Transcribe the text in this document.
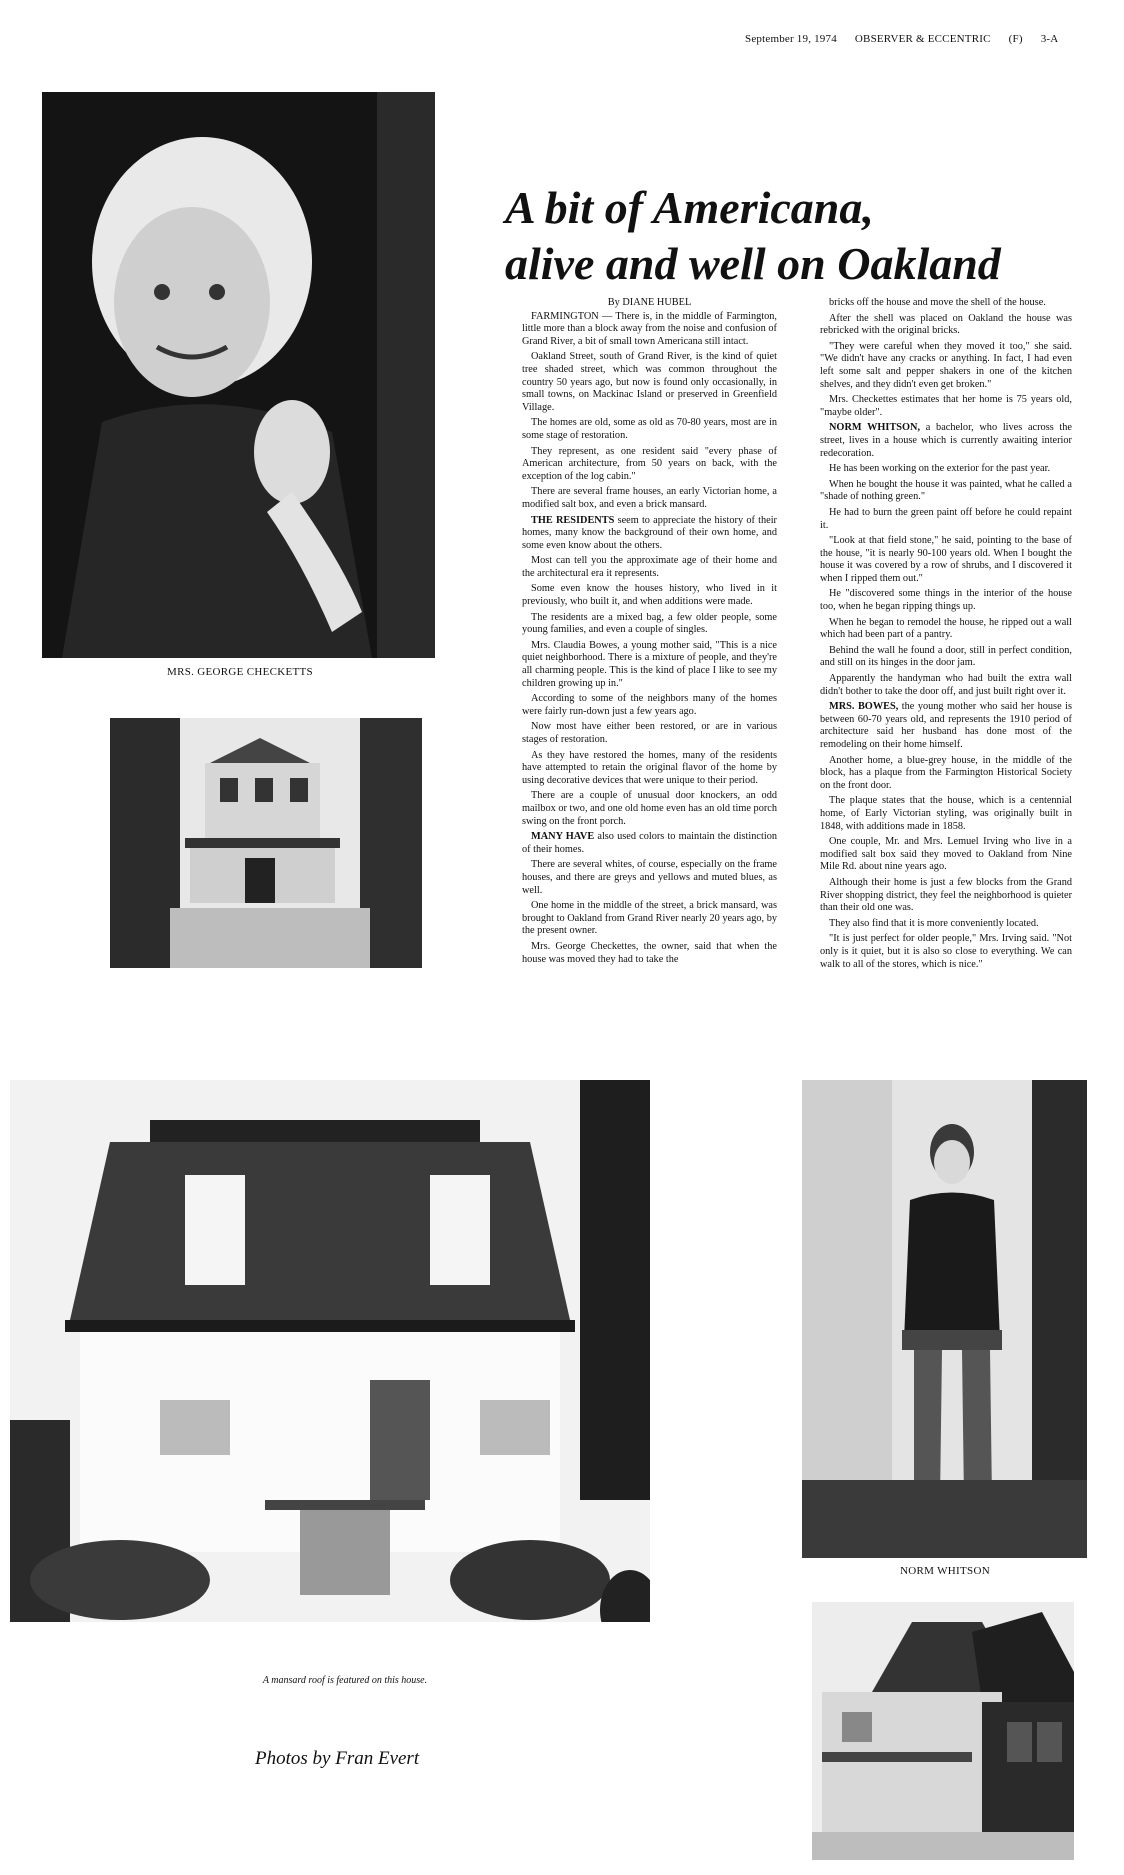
September 19, 1974 OBSERVER & ECCENTRIC (F) 3-A
MRS. GEORGE CHECKETTS
A bit of Americana,
alive and well on Oakland

By DIANE HUBEL

FARMINGTON — There is, in the middle of Farmington, little more than a block away from the noise and confusion of Grand River, a bit of small town Americana still intact.

Oakland Street, south of Grand River, is the kind of quiet tree shaded street, which was common throughout the country 50 years ago, but now is found only occasionally, in small towns, on Mackinac Island or preserved in Greenfield Village.

The homes are old, some as old as 70-80 years, most are in some stage of restoration.

They represent, as one resident said "every phase of American architecture, from 50 years on back, with the exception of the log cabin."

There are several frame houses, an early Victorian home, a modified salt box, and even a brick mansard.

THE RESIDENTS seem to appreciate the history of their homes, many know the background of their own home, and some even know about the others.

Most can tell you the approximate age of their home and the architectural era it represents.

Some even know the houses history, who lived in it previously, who built it, and when additions were made.

The residents are a mixed bag, a few older people, some young families, and even a couple of singles.

Mrs. Claudia Bowes, a young mother said, "This is a nice quiet neighborhood. There is a mixture of people, and they're all charming people. This is the kind of place I like to see my children growing up in."

According to some of the neighbors many of the homes were fairly run-down just a few years ago.

Now most have either been restored, or are in various stages of restoration.

As they have restored the homes, many of the residents have attempted to retain the original flavor of the home by using decorative devices that were unique to their period.

There are a couple of unusual door knockers, an odd mailbox or two, and one old home even has an old time porch swing on the front porch.

MANY HAVE also used colors to maintain the distinction of their homes.

There are several whites, of course, especially on the frame houses, and there are greys and yellows and muted blues, as well.

One home in the middle of the street, a brick mansard, was brought to Oakland from Grand River nearly 20 years ago, by the present owner.

Mrs. George Checkettes, the owner, said that when the house was moved they had to take the

bricks off the house and move the shell of the house.

After the shell was placed on Oakland the house was rebricked with the original bricks.

"They were careful when they moved it too," she said. "We didn't have any cracks or anything. In fact, I had even left some salt and pepper shakers in one of the kitchen shelves, and they didn't even get broken."

Mrs. Checkettes estimates that her home is 75 years old, "maybe older".

NORM WHITSON, a bachelor, who lives across the street, lives in a house which is currently awaiting interior redecoration.

He has been working on the exterior for the past year.

When he bought the house it was painted, what he called a "shade of nothing green."

He had to burn the green paint off before he could repaint it.

"Look at that field stone," he said, pointing to the base of the house, "it is nearly 90-100 years old. When I bought the house it was covered by a row of shrubs, and I discovered it when I ripped them out."

He "discovered some things in the interior of the house too, when he began ripping things up.

When he began to remodel the house, he ripped out a wall which had been part of a pantry.

Behind the wall he found a door, still in perfect condition, and still on its hinges in the door jam.

Apparently the handyman who had built the extra wall didn't bother to take the door off, and just built right over it.

MRS. BOWES, the young mother who said her house is between 60-70 years old, and represents the 1910 period of architecture said her husband has done most of the remodeling on their home himself.

Another home, a blue-grey house, in the middle of the block, has a plaque from the Farmington Historical Society on the front door.

The plaque states that the house, which is a centennial home, of Early Victorian styling, was originally built in 1848, with additions made in 1858.

One couple, Mr. and Mrs. Lemuel Irving who live in a modified salt box said they moved to Oakland from Nine Mile Rd. about nine years ago.

Although their home is just a few blocks from the Grand River shopping district, they feel the neighborhood is quieter than their old one was.

They also find that it is more conveniently located.

"It is just perfect for older people," Mrs. Irving said. "Not only is it quiet, but it is also so close to everything. We can walk to all of the stores, which is nice."

A mansard roof is featured on this house.
NORM WHITSON
Photos by Fran Evert
